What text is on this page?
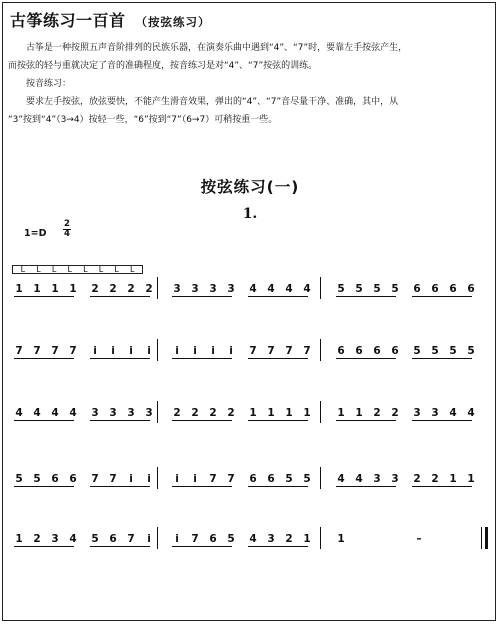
古筝练习一百首 （按弦练习）
古筝是一种按照五声音阶排列的民族乐器，在演奏乐曲中遇到“4”、“7”时，要靠左手按弦产生，
而按弦的轻与重就决定了音的准确程度，按音练习是对“4”、“7”按弦的训练。
按音练习：
要求左手按弦，放弦要快，不能产生滑音效果，弹出的“4”、“7”音尽量干净、准确，其中，从
“3”按到“4”（3→4）按轻一些，“6”按到“7”（6→7）可稍按重一些。
按弦练习(一)
1.
1=D
2
4
L L L L L L L L
1 1 1 1 2 2 2 2 3 3 3 3 4 4 4 4	5 5 5 5 6 6 6 6
7 7 7 7	i	i	i	i	i	i	i	i	7 7 7 7	6 6 6 6 5 5 5 5
4 4 4 4 3 3 3 3 2 2 2 2 1 1 1 1	1 1 2 2 3 3 4 4
5 5 6 6 7 7	i	i	i	i	7 7 6 6 5 5	4 4 3 3 2 2 1 1
1 2 3 4 5 6 7	i	i	7 6 5 4 3 2 1	1	–
